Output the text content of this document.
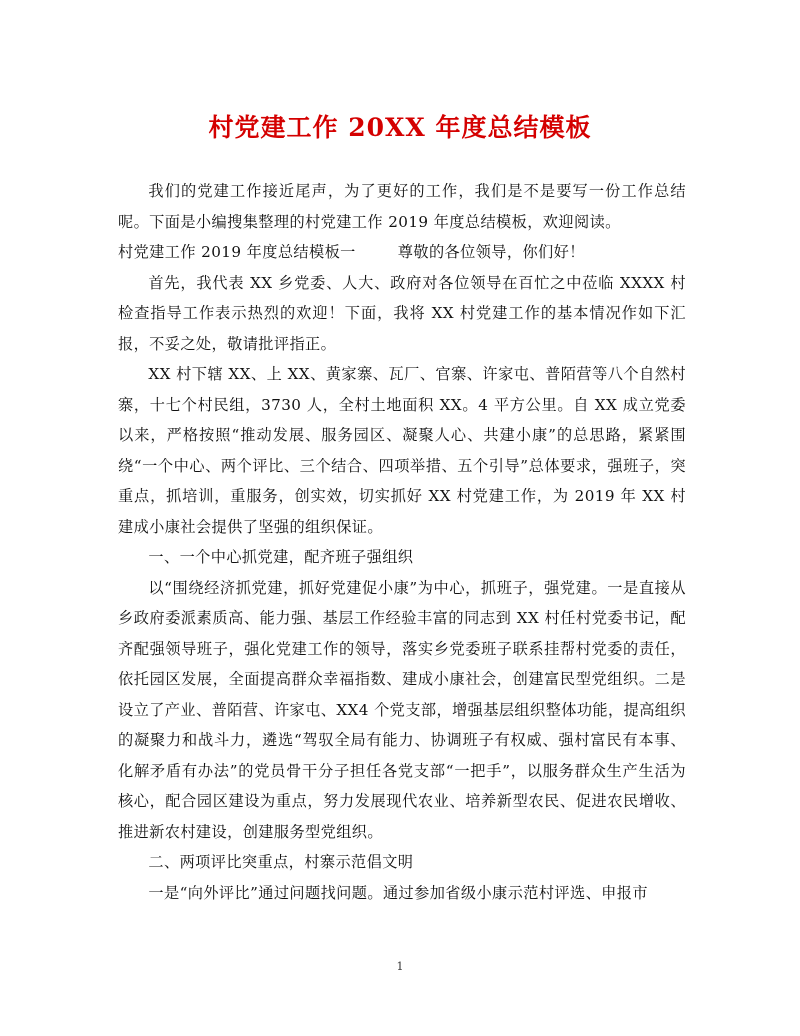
村党建工作 20XX 年度总结模板

我们的党建工作接近尾声，为了更好的工作，我们是不是要写一份工作总结呢。下面是小编搜集整理的村党建工作 2019 年度总结模板，欢迎阅读。

村党建工作 2019 年度总结模板一	尊敬的各位领导，你们好！

首先，我代表 XX 乡党委、人大、政府对各位领导在百忙之中莅临 XXXX 村检查指导工作表示热烈的欢迎！下面，我将 XX 村党建工作的基本情况作如下汇报，不妥之处，敬请批评指正。

XX 村下辖 XX、上 XX、黄家寨、瓦厂、官寨、许家屯、普陌营等八个自然村寨，十七个村民组，3730 人，全村土地面积 XX。4 平方公里。自 XX 成立党委以来，严格按照“推动发展、服务园区、凝聚人心、共建小康”的总思路，紧紧围绕“一个中心、两个评比、三个结合、四项举措、五个引导”总体要求，强班子，突重点，抓培训，重服务，创实效，切实抓好 XX 村党建工作，为 2019 年 XX 村建成小康社会提供了坚强的组织保证。

一、一个中心抓党建，配齐班子强组织

以“围绕经济抓党建，抓好党建促小康”为中心，抓班子，强党建。一是直接从乡政府委派素质高、能力强、基层工作经验丰富的同志到 XX 村任村党委书记，配齐配强领导班子，强化党建工作的领导，落实乡党委班子联系挂帮村党委的责任，依托园区发展，全面提高群众幸福指数、建成小康社会，创建富民型党组织。二是设立了产业、普陌营、许家屯、XX4 个党支部，增强基层组织整体功能，提高组织的凝聚力和战斗力，遴选“驾驭全局有能力、协调班子有权威、强村富民有本事、化解矛盾有办法”的党员骨干分子担任各党支部“一把手”，以服务群众生产生活为核心，配合园区建设为重点，努力发展现代农业、培养新型农民、促进农民增收、推进新农村建设，创建服务型党组织。

二、两项评比突重点，村寨示范倡文明

一是“向外评比”通过问题找问题。通过参加省级小康示范村评选、申报市

1
